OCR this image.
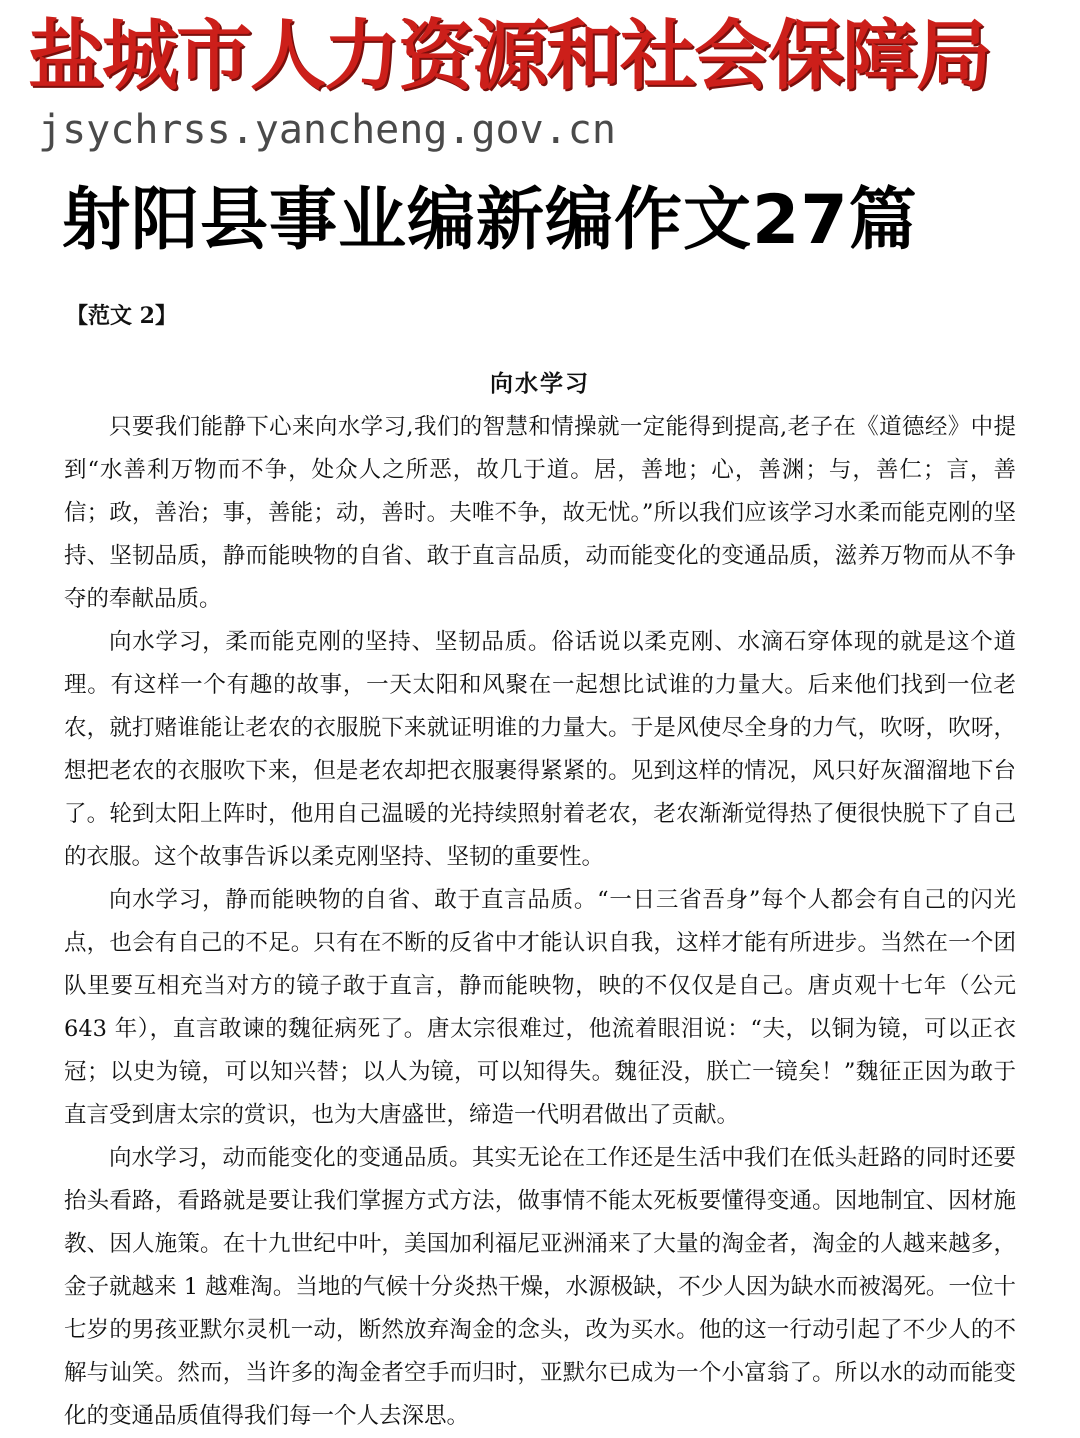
盐城市人力资源和社会保障局
jsychrss.yancheng.gov.cn
射阳县事业编新编作文27篇
【范文 2】
向水学习

只要我们能静下心来向水学习,我们的智慧和情操就一定能得到提高,老子在《道德经》中提到“水善利万物而不争，处众人之所恶，故几于道。居，善地；心，善渊；与，善仁；言，善信；政，善治；事，善能；动，善时。夫唯不争，故无忧。”所以我们应该学习水柔而能克刚的坚持、坚韧品质，静而能映物的自省、敢于直言品质，动而能变化的变通品质，滋养万物而从不争夺的奉献品质。

向水学习，柔而能克刚的坚持、坚韧品质。俗话说以柔克刚、水滴石穿体现的就是这个道理。有这样一个有趣的故事，一天太阳和风聚在一起想比试谁的力量大。后来他们找到一位老农，就打赌谁能让老农的衣服脱下来就证明谁的力量大。于是风使尽全身的力气，吹呀，吹呀，想把老农的衣服吹下来，但是老农却把衣服裹得紧紧的。见到这样的情况，风只好灰溜溜地下台了。轮到太阳上阵时，他用自己温暖的光持续照射着老农，老农渐渐觉得热了便很快脱下了自己的衣服。这个故事告诉以柔克刚坚持、坚韧的重要性。

向水学习，静而能映物的自省、敢于直言品质。“一日三省吾身”每个人都会有自己的闪光点，也会有自己的不足。只有在不断的反省中才能认识自我，这样才能有所进步。当然在一个团队里要互相充当对方的镜子敢于直言，静而能映物，映的不仅仅是自己。唐贞观十七年（公元 643 年），直言敢谏的魏征病死了。唐太宗很难过，他流着眼泪说：“夫，以铜为镜，可以正衣冠；以史为镜，可以知兴替；以人为镜，可以知得失。魏征没，朕亡一镜矣！”魏征正因为敢于直言受到唐太宗的赏识，也为大唐盛世，缔造一代明君做出了贡献。

向水学习，动而能变化的变通品质。其实无论在工作还是生活中我们在低头赶路的同时还要抬头看路，看路就是要让我们掌握方式方法，做事情不能太死板要懂得变通。因地制宜、因材施教、因人施策。在十九世纪中叶，美国加利福尼亚洲涌来了大量的淘金者，淘金的人越来越多，金子就越来 1 越难淘。当地的气候十分炎热干燥，水源极缺，不少人因为缺水而被渴死。一位十七岁的男孩亚默尔灵机一动，断然放弃淘金的念头，改为买水。他的这一行动引起了不少人的不解与讪笑。然而，当许多的淘金者空手而归时，亚默尔已成为一个小富翁了。所以水的动而能变化的变通品质值得我们每一个人去深思。
